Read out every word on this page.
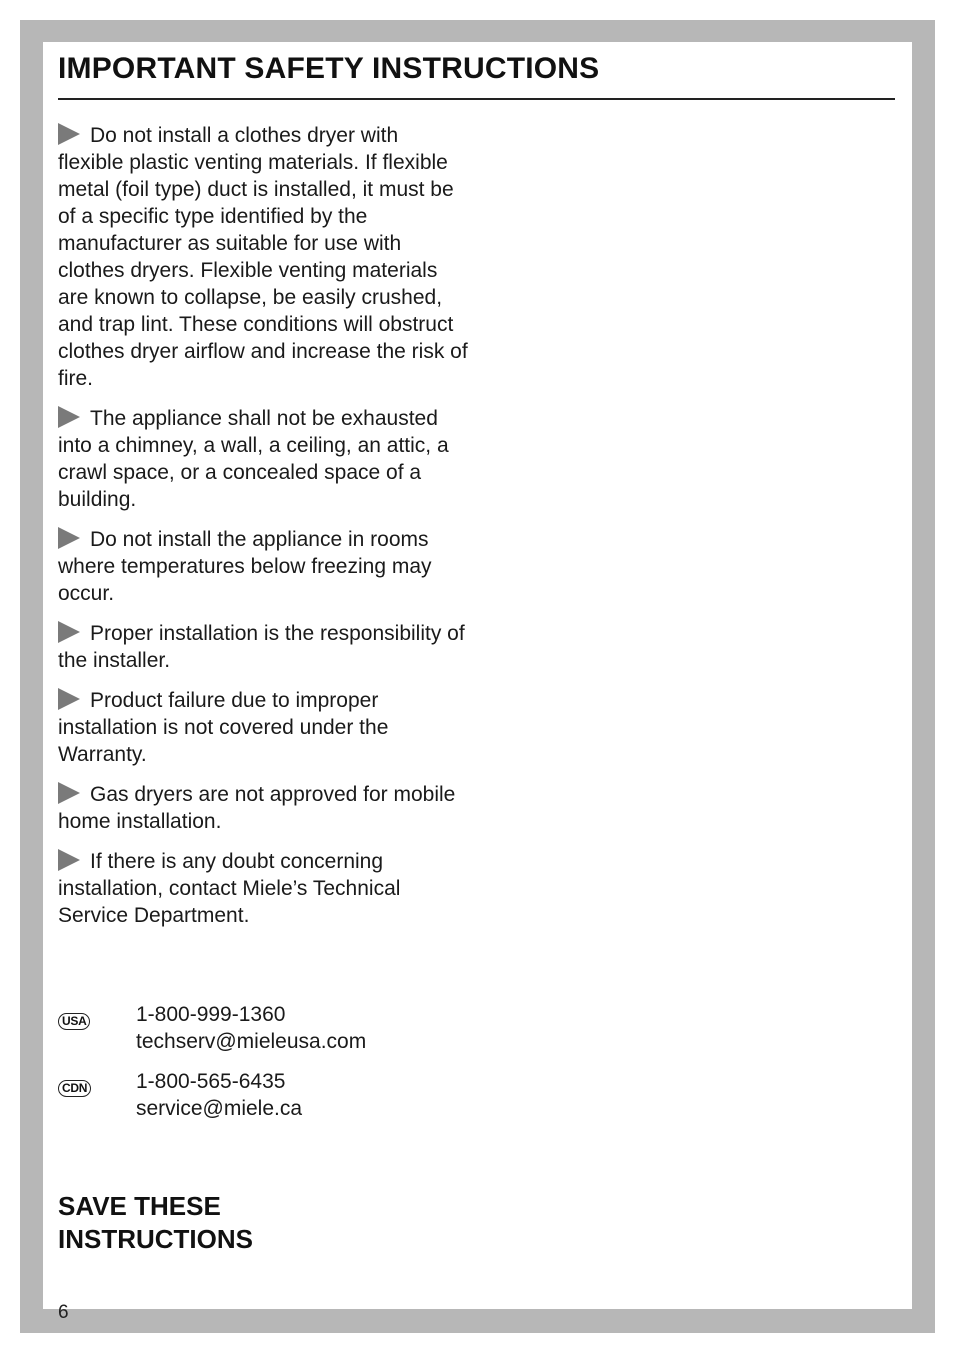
IMPORTANT SAFETY INSTRUCTIONS

Do not install a clothes dryer with flexible plastic venting materials. If flexible metal (foil type) duct is installed, it must be of a specific type identified by the manufacturer as suitable for use with clothes dryers. Flexible venting materials are known to collapse, be easily crushed, and trap lint. These conditions will obstruct clothes dryer airflow and increase the risk of fire.

The appliance shall not be exhausted into a chimney, a wall, a ceiling, an attic, a crawl space, or a concealed space of a building.

Do not install the appliance in rooms where temperatures below freezing may occur.

Proper installation is the responsibility of the installer.

Product failure due to improper installation is not covered under the Warranty.

Gas dryers are not approved for mobile home installation.

If there is any doubt concerning installation, contact Miele’s Technical Service Department.

USA	1-800-999-1360
techserv@mieleusa.com
CDN	1-800-565-6435
service@miele.ca
SAVE THESE
INSTRUCTIONS
6
